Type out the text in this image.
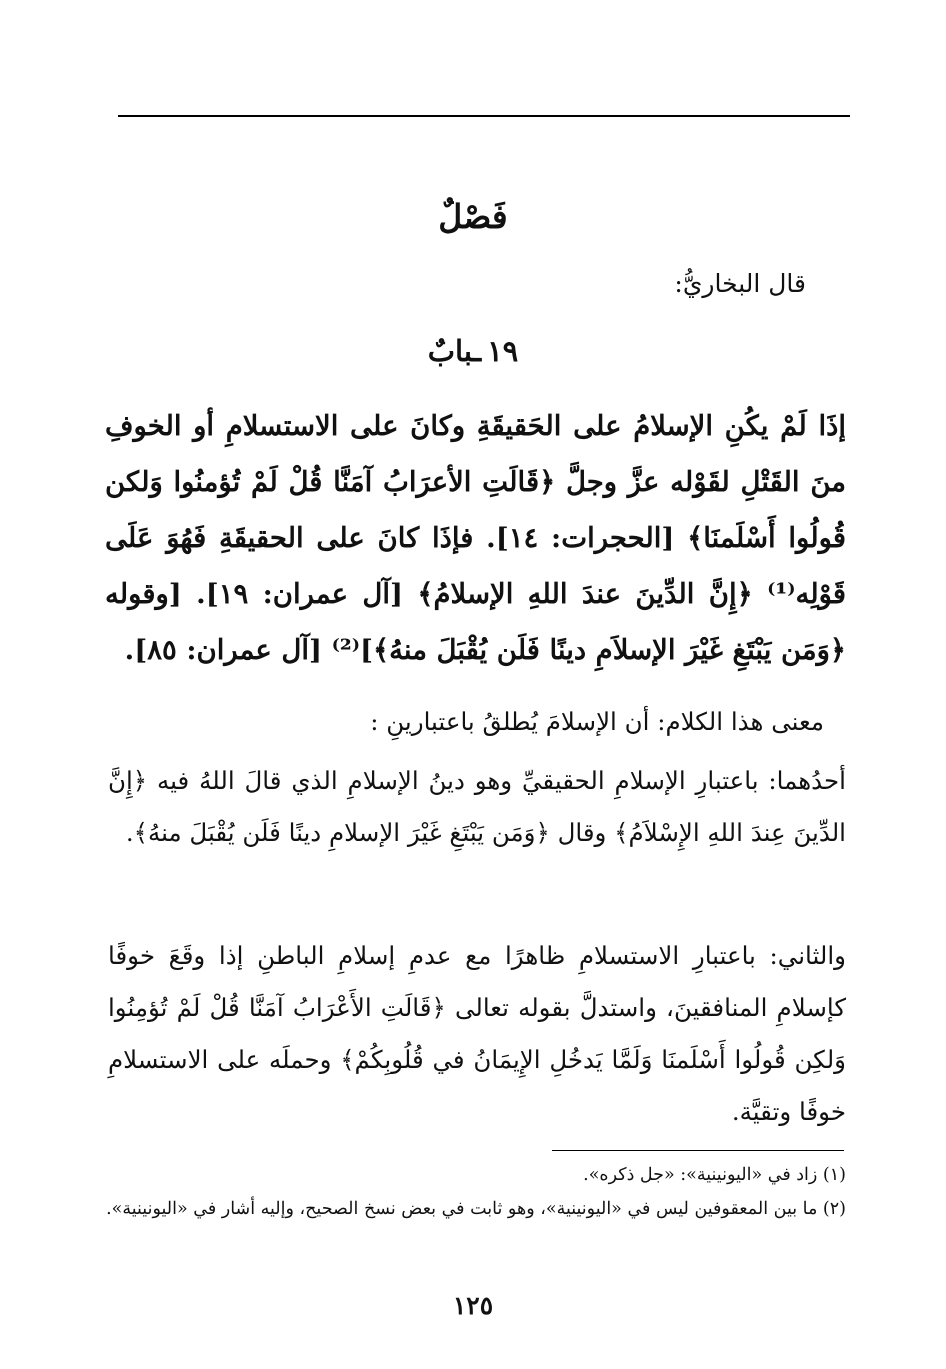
فَصْلٌ
قال البخاريُّ:
١٩ـبابٌ
إذَا لَمْ يكُنِ الإسلامُ على الحَقيقَةِ وكانَ على الاستسلامِ أو الخوفِ منَ القَتْلِ لقَوْله عزَّ وجلَّ ﴿قَالَتِ الأعرَابُ آمَنَّا قُلْ لَمْ تُؤمنُوا وَلكن قُولُوا أَسْلَمنَا﴾ [الحجرات: ١٤]. فإذَا كانَ على الحقيقَةِ فَهُوَ عَلَى قَوْلِه⁽¹⁾ ﴿إِنَّ الدِّينَ عندَ اللهِ الإسلامُ﴾ [آل عمران: ١٩]. [وقوله ﴿وَمَن يَبْتَغِ غَيْرَ الإسلاَمِ دينًا فَلَن يُقْبَلَ منهُ﴾]⁽²⁾ [آل عمران: ٨٥].
معنى هذا الكلام: أن الإسلامَ يُطلقُ باعتبارينِ :
أحدُهما: باعتبارِ الإسلامِ الحقيقيِّ وهو دينُ الإسلامِ الذي قالَ اللهُ فيه ﴿إِنَّ الدِّينَ عِندَ اللهِ الإِسْلاَمُ﴾ وقال ﴿وَمَن يَبْتَغِ غَيْرَ الإسلامِ دينًا فَلَن يُقْبَلَ منهُ﴾.
والثاني: باعتبارِ الاستسلامِ ظاهرًا مع عدمِ إسلامِ الباطنِ إذا وقَعَ خوفًا كإسلامِ المنافقينَ، واستدلَّ بقوله تعالى ﴿قَالَتِ الأَعْرَابُ آمَنَّا قُلْ لَمْ تُؤمِنُوا وَلكِن قُولُوا أَسْلَمنَا وَلَمَّا يَدخُلِ الإِيمَانُ في قُلُوبِكُمْ﴾ وحملَه على الاستسلامِ خوفًا وتقيَّة.

(١) زاد في «اليونينية»: «جل ذكره».

(٢) ما بين المعقوفين ليس في «اليونينية»، وهو ثابت في بعض نسخ الصحيح، وإليه أشار في «اليونينية».

١٢٥
